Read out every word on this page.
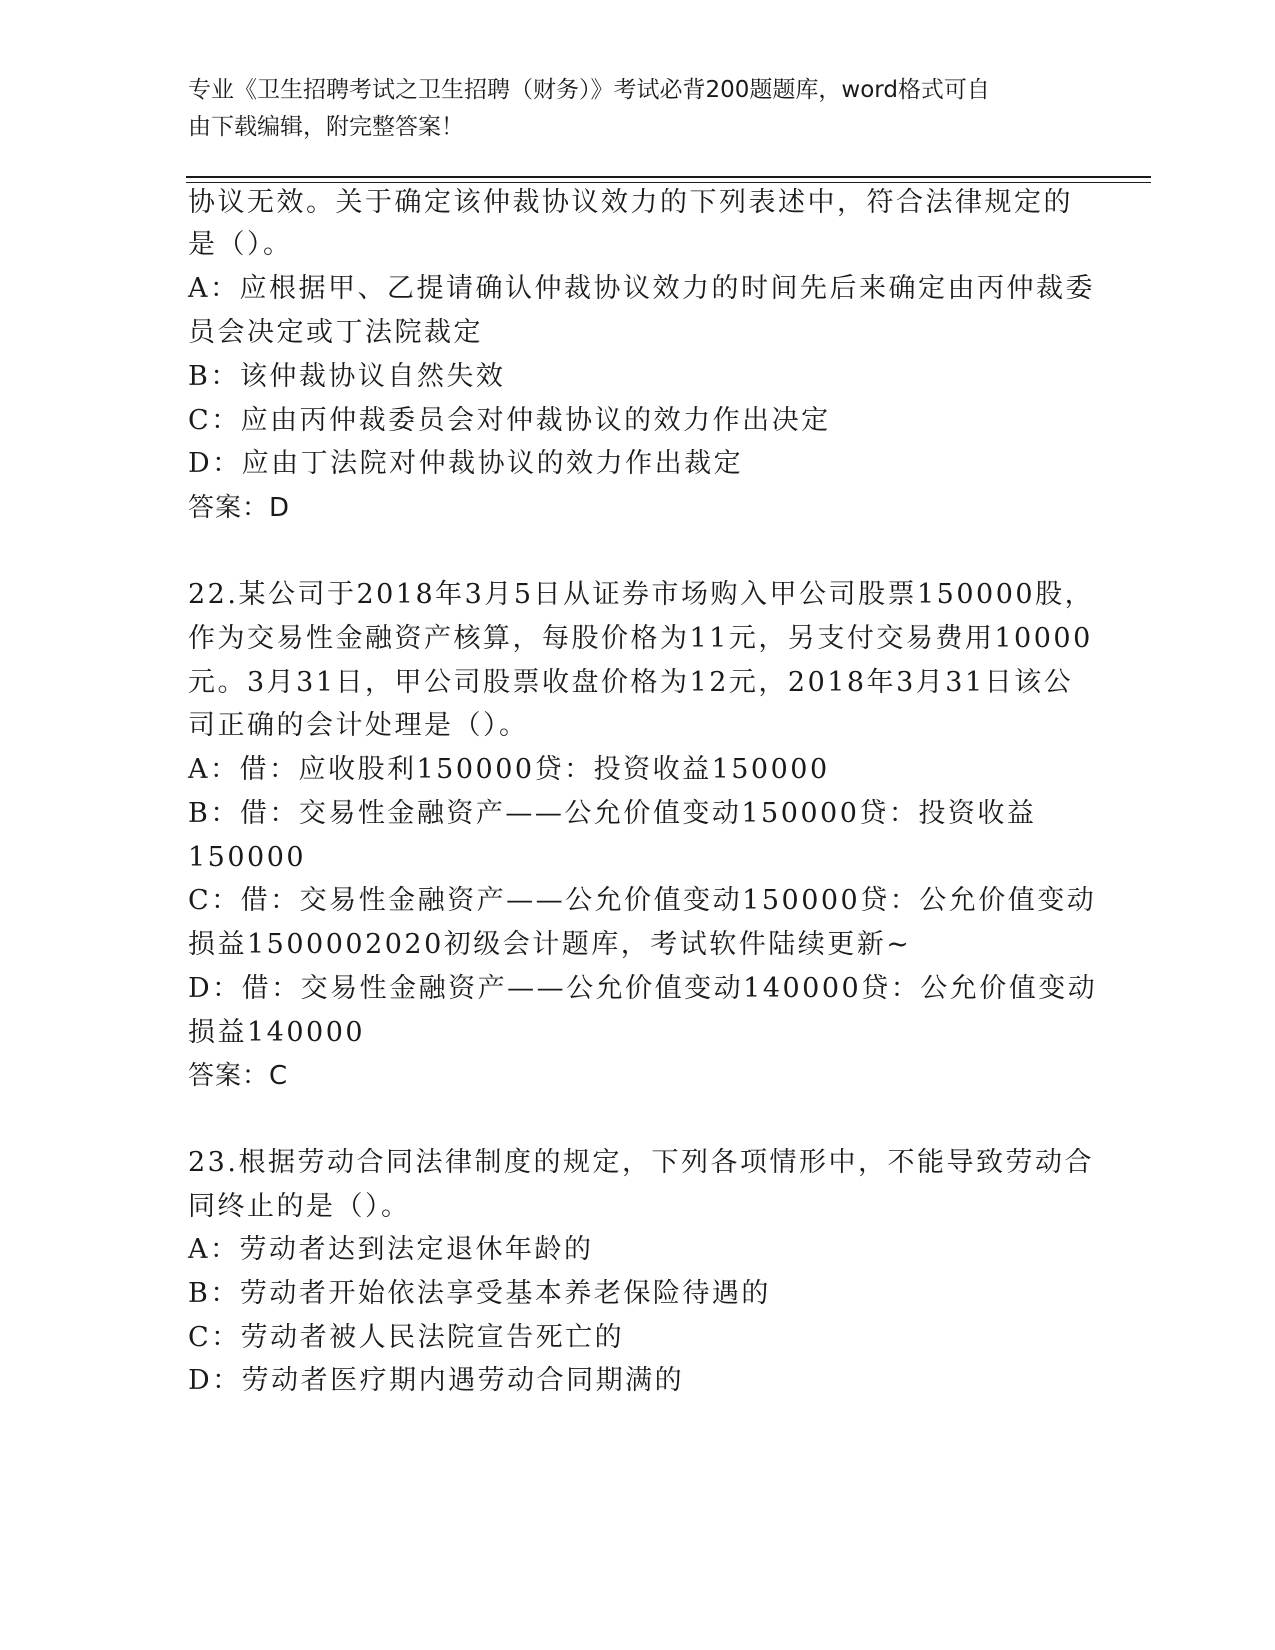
专业《卫生招聘考试之卫生招聘（财务）》考试必背200题题库，word格式可自
由下载编辑，附完整答案！
协议无效。关于确定该仲裁协议效力的下列表述中，符合法律规定的
是（）。
A：应根据甲、乙提请确认仲裁协议效力的时间先后来确定由丙仲裁委
员会决定或丁法院裁定
B：该仲裁协议自然失效
C：应由丙仲裁委员会对仲裁协议的效力作出决定
D：应由丁法院对仲裁协议的效力作出裁定
答案：D
22.某公司于2018年3月5日从证券市场购入甲公司股票150000股，
作为交易性金融资产核算，每股价格为11元，另支付交易费用10000
元。3月31日，甲公司股票收盘价格为12元，2018年3月31日该公
司正确的会计处理是（）。
A：借：应收股利150000贷：投资收益150000
B：借：交易性金融资产——公允价值变动150000贷：投资收益
150000
C：借：交易性金融资产——公允价值变动150000贷：公允价值变动
损益1500002020初级会计题库，考试软件陆续更新~
D：借：交易性金融资产——公允价值变动140000贷：公允价值变动
损益140000
答案：C
23.根据劳动合同法律制度的规定，下列各项情形中，不能导致劳动合
同终止的是（）。
A：劳动者达到法定退休年龄的
B：劳动者开始依法享受基本养老保险待遇的
C：劳动者被人民法院宣告死亡的
D：劳动者医疗期内遇劳动合同期满的
